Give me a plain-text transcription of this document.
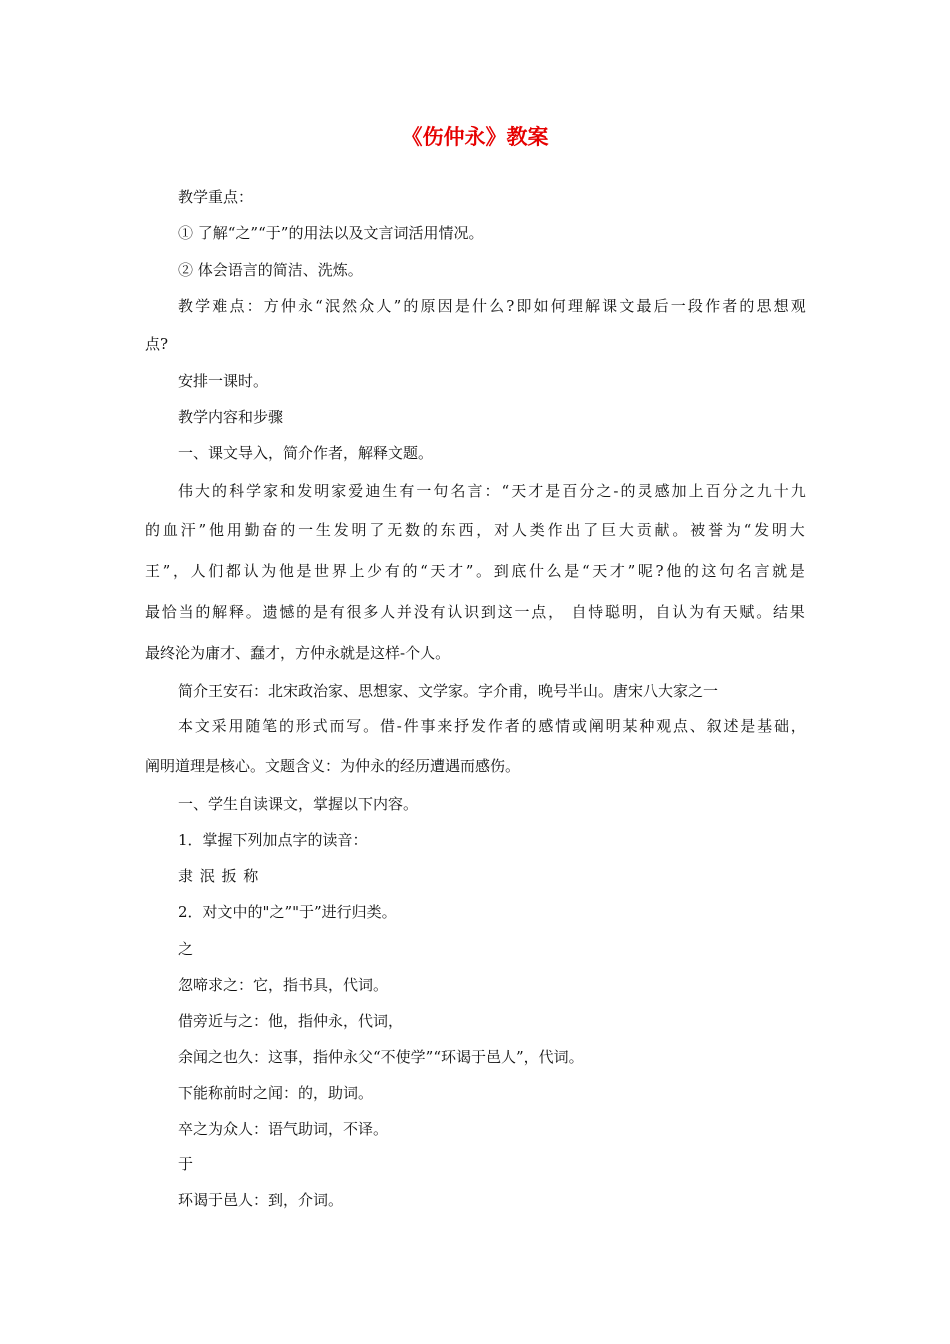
《伤仲永》教案
教学重点：
① 了解“之”“于”的用法以及文言词活用情况。
② 体会语言的简洁、洗炼。
教学难点：方仲永“泯然众人”的原因是什么?即如何理解课文最后一段作者的思想观
点?
安排一课时。
教学内容和步骤
一、课文导入，简介作者，解释文题。
伟大的科学家和发明家爱迪生有一句名言：“天才是百分之-的灵感加上百分之九十九
的血汗”他用勤奋的一生发明了无数的东西，对人类作出了巨大贡献。被誉为“发明大
王”，人们都认为他是世界上少有的“天才”。到底什么是“天才”呢?他的这句名言就是
最恰当的解释。遗憾的是有很多人并没有认识到这一点， 自恃聪明，自认为有天赋。结果
最终沦为庸才、蠢才，方仲永就是这样-个人。
简介王安石：北宋政治家、思想家、文学家。字介甫，晚号半山。唐宋八大家之一
本文采用随笔的形式而写。借-件事来抒发作者的感情或阐明某种观点、叙述是基础，
阐明道理是核心。文题含义：为仲永的经历遭遇而感伤。
一、学生自读课文，掌握以下内容。
1．掌握下列加点字的读音：
隶 泯 扳 称
2．对文中的"之”"于”进行归类。
之
忽啼求之：它，指书具，代词。
借旁近与之：他，指仲永，代词，
余闻之也久：这事，指仲永父“不使学”“环谒于邑人”，代词。
下能称前时之闻：的，助词。
卒之为众人：语气助词，不译。
于
环谒于邑人：到，介词。
